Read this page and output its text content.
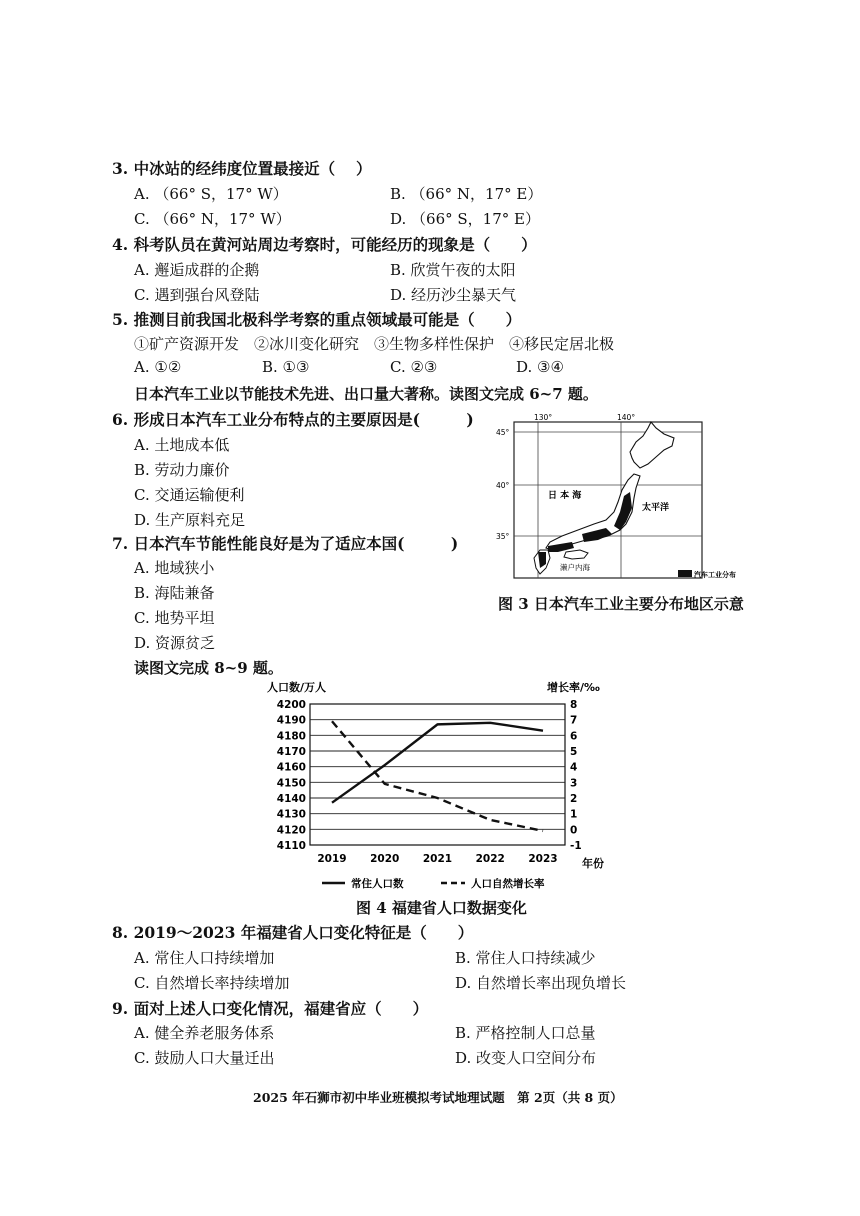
3. 中冰站的经纬度位置最接近（　 ）
A. （66° S，17° W）	B. （66° N，17° E）
C. （66° N，17° W）	D. （66° S，17° E）
4. 科考队员在黄河站周边考察时，可能经历的现象是（　　）
A. 邂逅成群的企鹅	B. 欣赏午夜的太阳
C. 遇到强台风登陆	D. 经历沙尘暴天气
5. 推测目前我国北极科学考察的重点领域最可能是（　　）
①矿产资源开发　②冰川变化研究　③生物多样性保护　④移民定居北极
A. ①②	B. ①③	C. ②③	D. ③④
日本汽车工业以节能技术先进、出口量大著称。读图文完成 6~7 题。
6. 形成日本汽车工业分布特点的主要原因是(　　　)
A. 土地成本低
B. 劳动力廉价
C. 交通运输便利
D. 生产原料充足
7. 日本汽车节能性能良好是为了适应本国(　　　)
A. 地域狭小
B. 海陆兼备
C. 地势平坦
D. 资源贫乏
130°	140°
45°
40°
35°
日 本 海
太平洋
濑户内海
汽车工业分布
图 3 日本汽车工业主要分布地区示意
读图文完成 8~9 题。
4200
4190
4180
4170
4160
4150
4140
4130
4120
4110
8
7
6
5
4
3
2
1
0
-1
2019 2020 2021 2022 2023
人口数/万人	增长率/‰
年份
常住人口数	人口自然增长率
图 4 福建省人口数据变化
8. 2019～2023 年福建省人口变化特征是（　　）
A. 常住人口持续增加	B. 常住人口持续减少
C. 自然增长率持续增加	D. 自然增长率出现负增长
9. 面对上述人口变化情况，福建省应（　　）
A. 健全养老服务体系	B. 严格控制人口总量
C. 鼓励人口大量迁出	D. 改变人口空间分布
2025 年石狮市初中毕业班模拟考试地理试题　第 2页（共 8 页）
